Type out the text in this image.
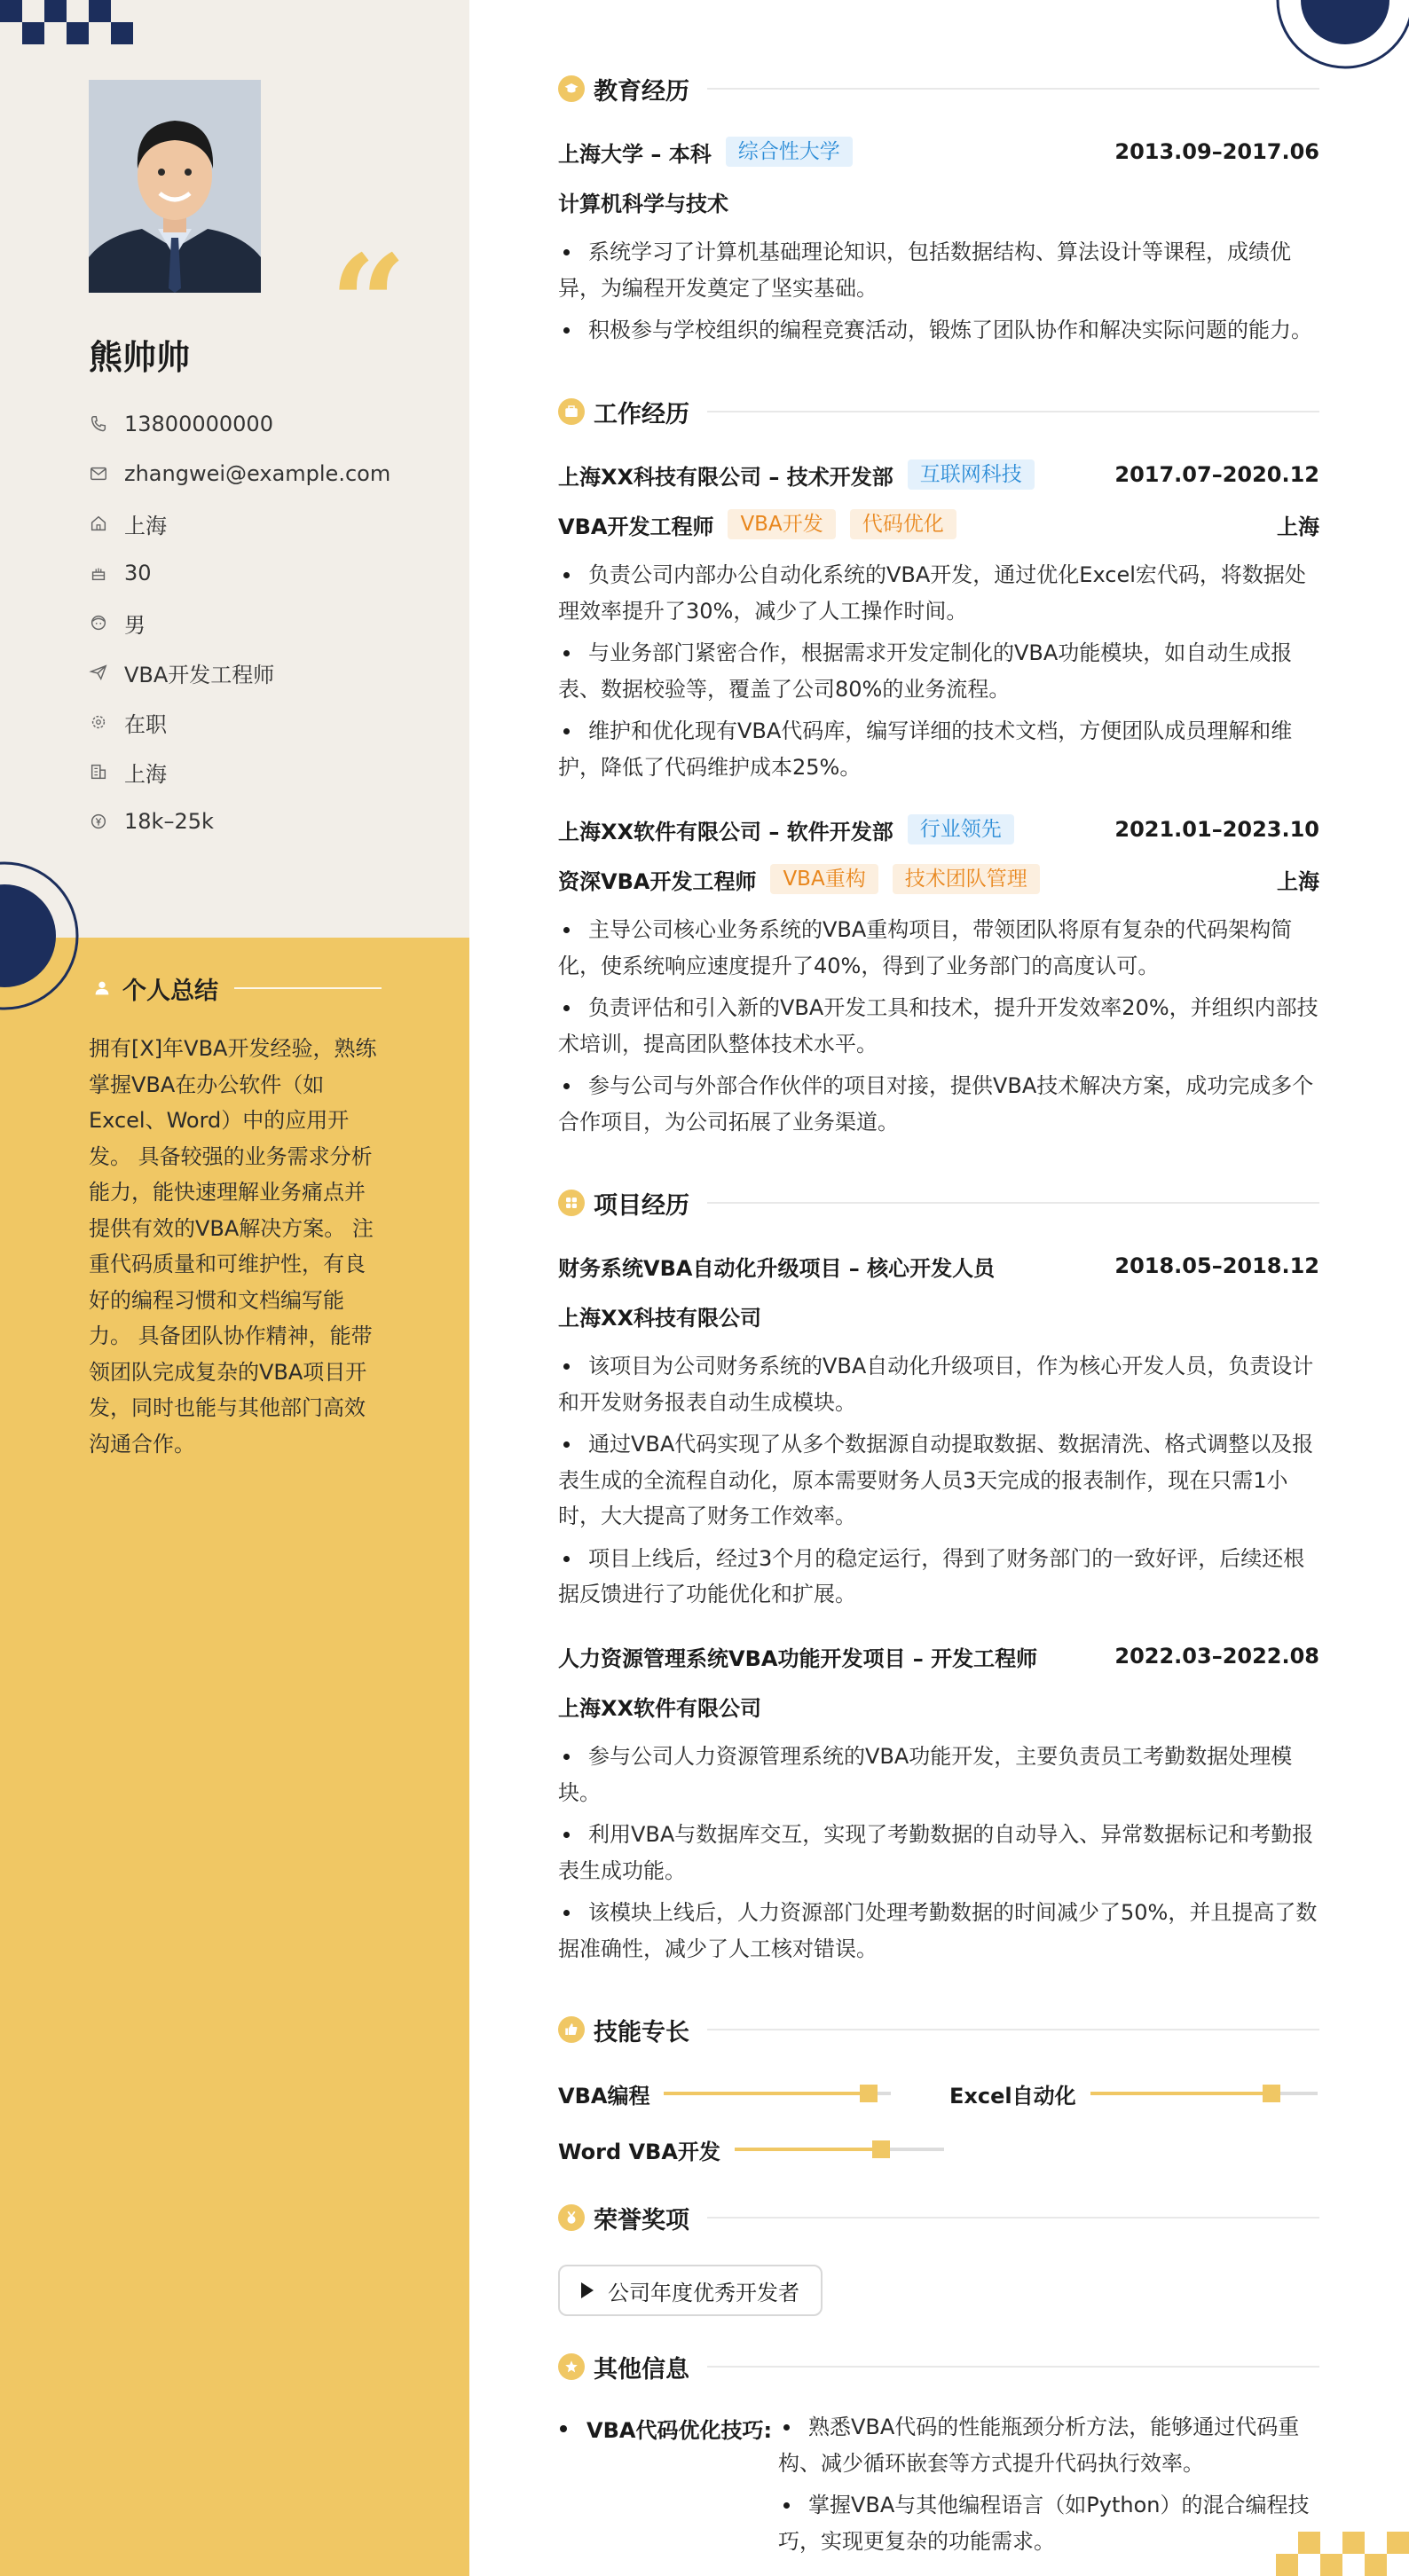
“
熊帅帅
13800000000
zhangwei@example.com
上海
30
男
VBA开发工程师
在职
上海
18k–25k
个人总结
拥有[X]年VBA开发经验，熟练掌握VBA在办公软件（如Excel、Word）中的应用开发。 具备较强的业务需求分析能力，能快速理解业务痛点并提供有效的VBA解决方案。 注重代码质量和可维护性，有良好的编程习惯和文档编写能力。 具备团队协作精神，能带领团队完成复杂的VBA项目开发，同时也能与其他部门高效沟通合作。
教育经历
上海大学 – 本科	综合性大学	2013.09–2017.06
计算机科学与技术
系统学习了计算机基础理论知识，包括数据结构、算法设计等课程，成绩优异，为编程开发奠定了坚实基础。
积极参与学校组织的编程竞赛活动，锻炼了团队协作和解决实际问题的能力。
工作经历
上海XX科技有限公司 – 技术开发部	互联网科技	2017.07–2020.12
VBA开发工程师	VBA开发	代码优化	上海
负责公司内部办公自动化系统的VBA开发，通过优化Excel宏代码，将数据处理效率提升了30%，减少了人工操作时间。
与业务部门紧密合作，根据需求开发定制化的VBA功能模块，如自动生成报表、数据校验等，覆盖了公司80%的业务流程。
维护和优化现有VBA代码库，编写详细的技术文档，方便团队成员理解和维护，降低了代码维护成本25%。
上海XX软件有限公司 – 软件开发部	行业领先	2021.01–2023.10
资深VBA开发工程师	VBA重构	技术团队管理	上海
主导公司核心业务系统的VBA重构项目，带领团队将原有复杂的代码架构简化，使系统响应速度提升了40%，得到了业务部门的高度认可。
负责评估和引入新的VBA开发工具和技术，提升开发效率20%，并组织内部技术培训，提高团队整体技术水平。
参与公司与外部合作伙伴的项目对接，提供VBA技术解决方案，成功完成多个合作项目，为公司拓展了业务渠道。
项目经历
财务系统VBA自动化升级项目 – 核心开发人员	2018.05–2018.12
上海XX科技有限公司
该项目为公司财务系统的VBA自动化升级项目，作为核心开发人员，负责设计和开发财务报表自动生成模块。
通过VBA代码实现了从多个数据源自动提取数据、数据清洗、格式调整以及报表生成的全流程自动化，原本需要财务人员3天完成的报表制作，现在只需1小时，大大提高了财务工作效率。
项目上线后，经过3个月的稳定运行，得到了财务部门的一致好评，后续还根据反馈进行了功能优化和扩展。
人力资源管理系统VBA功能开发项目 – 开发工程师	2022.03–2022.08
上海XX软件有限公司
参与公司人力资源管理系统的VBA功能开发，主要负责员工考勤数据处理模块。
利用VBA与数据库交互，实现了考勤数据的自动导入、异常数据标记和考勤报表生成功能。
该模块上线后，人力资源部门处理考勤数据的时间减少了50%，并且提高了数据准确性，减少了人工核对错误。
技能专长
VBA编程	Excel自动化
Word VBA开发
荣誉奖项
公司年度优秀开发者
其他信息
VBA代码优化技巧:	熟悉VBA代码的性能瓶颈分析方法，能够通过代码重构、减少循环嵌套等方式提升代码执行效率。
掌握VBA与其他编程语言（如Python）的混合编程技巧，实现更复杂的功能需求。
